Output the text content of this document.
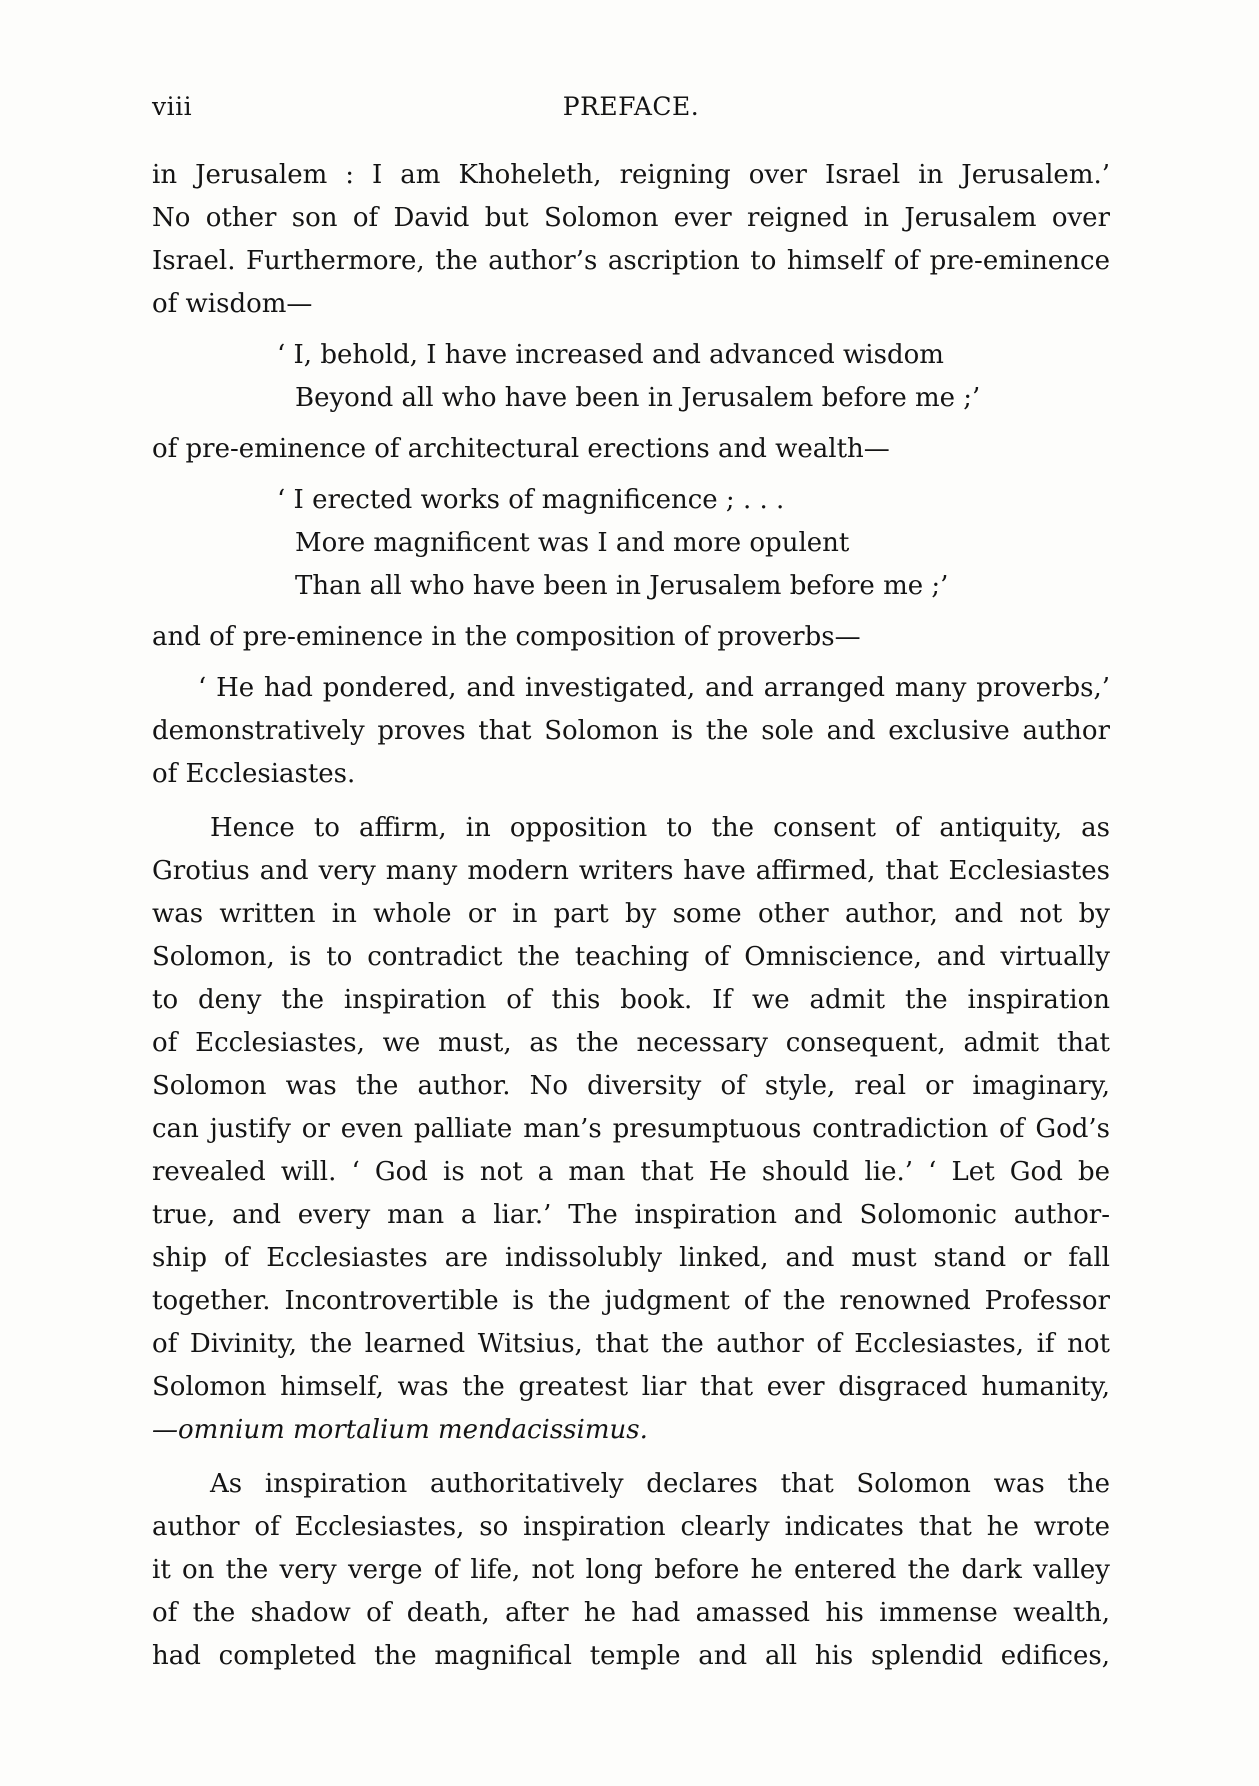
viii	PREFACE.
in Jerusalem : I am Khoheleth, reigning over Israel in Jerusalem.’
No other son of David but Solomon ever reigned in Jerusalem over
Israel. Furthermore, the author’s ascription to himself of pre-eminence
of wisdom—
‘ I, behold, I have increased and advanced wisdom
Beyond all who have been in Jerusalem before me ;’
of pre-eminence of architectural erections and wealth—
‘ I erected works of magnificence ; . . .
More magnificent was I and more opulent
Than all who have been in Jerusalem before me ;’
and of pre-eminence in the composition of proverbs—
‘ He had pondered, and investigated, and arranged many proverbs,’
demonstratively proves that Solomon is the sole and exclusive author
of Ecclesiastes.
Hence to affirm, in opposition to the consent of antiquity, as
Grotius and very many modern writers have affirmed, that Ecclesiastes
was written in whole or in part by some other author, and not by
Solomon, is to contradict the teaching of Omniscience, and virtually
to deny the inspiration of this book. If we admit the inspiration
of Ecclesiastes, we must, as the necessary consequent, admit that
Solomon was the author. No diversity of style, real or imaginary,
can justify or even palliate man’s presumptuous contradiction of God’s
revealed will. ‘ God is not a man that He should lie.’ ‘ Let God be
true, and every man a liar.’ The inspiration and Solomonic author-
ship of Ecclesiastes are indissolubly linked, and must stand or fall
together. Incontrovertible is the judgment of the renowned Professor
of Divinity, the learned Witsius, that the author of Ecclesiastes, if not
Solomon himself, was the greatest liar that ever disgraced humanity,
—omnium mortalium mendacissimus.
As inspiration authoritatively declares that Solomon was the
author of Ecclesiastes, so inspiration clearly indicates that he wrote
it on the very verge of life, not long before he entered the dark valley
of the shadow of death, after he had amassed his immense wealth,
had completed the magnifical temple and all his splendid edifices,
